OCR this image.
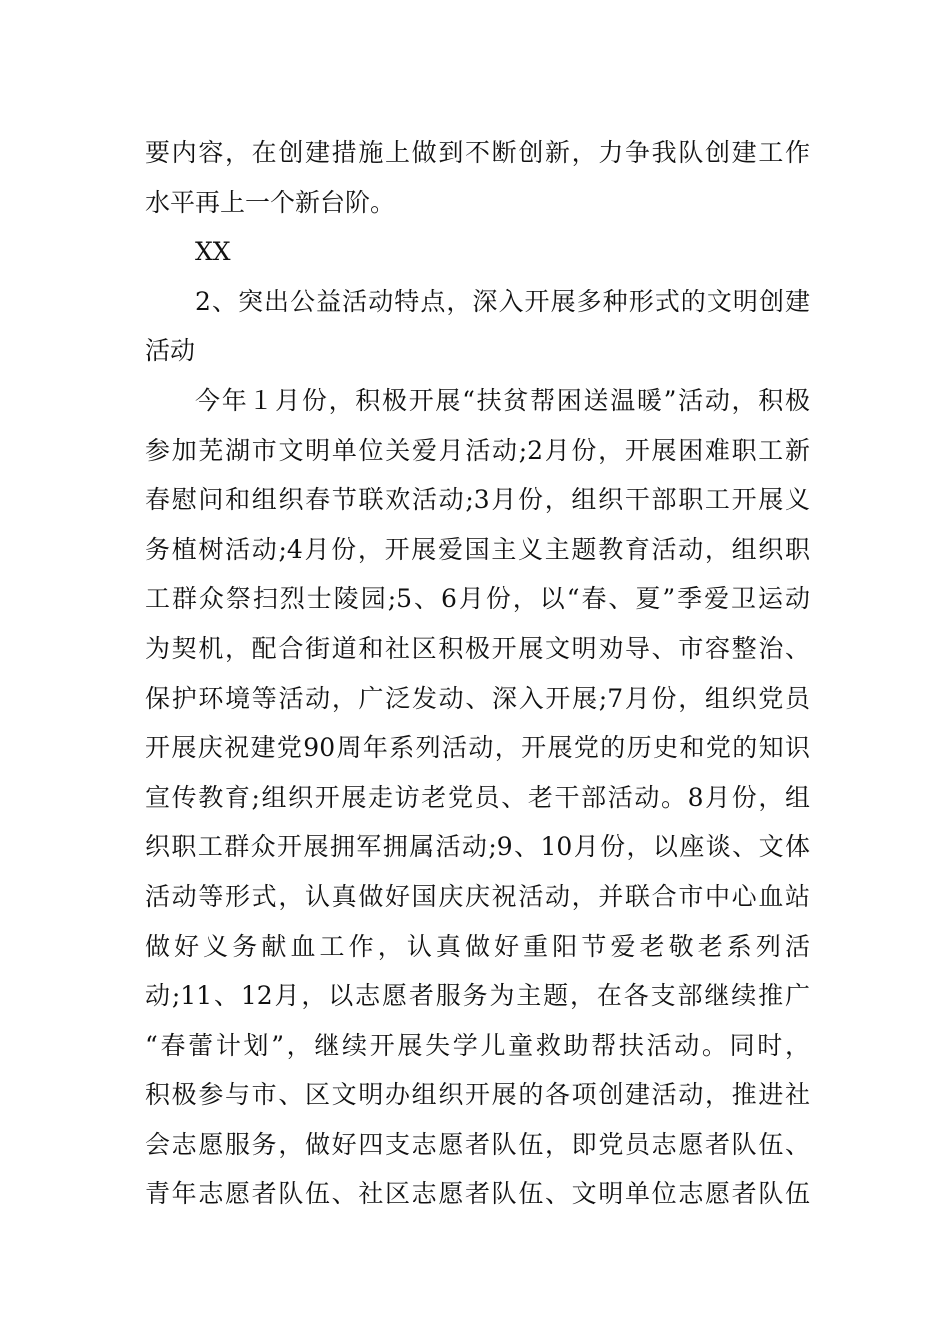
要内容，在创建措施上做到不断创新，力争我队创建工作
水平再上一个新台阶。
XX
2、突出公益活动特点，深入开展多种形式的文明创建
活动
今年１月份，积极开展“扶贫帮困送温暖”活动，积极
参加芜湖市文明单位关爱月活动;2月份，开展困难职工新
春慰问和组织春节联欢活动;3月份，组织干部职工开展义
务植树活动;4月份，开展爱国主义主题教育活动，组织职
工群众祭扫烈士陵园;5、6月份，以“春、夏”季爱卫运动
为契机，配合街道和社区积极开展文明劝导、市容整治、
保护环境等活动，广泛发动、深入开展;7月份，组织党员
开展庆祝建党90周年系列活动，开展党的历史和党的知识
宣传教育;组织开展走访老党员、老干部活动。8月份，组
织职工群众开展拥军拥属活动;9、10月份，以座谈、文体
活动等形式，认真做好国庆庆祝活动，并联合市中心血站
做好义务献血工作，认真做好重阳节爱老敬老系列活
动;11、12月，以志愿者服务为主题，在各支部继续推广
“春蕾计划”，继续开展失学儿童救助帮扶活动。同时，
积极参与市、区文明办组织开展的各项创建活动，推进社
会志愿服务，做好四支志愿者队伍，即党员志愿者队伍、
青年志愿者队伍、社区志愿者队伍、文明单位志愿者队伍
